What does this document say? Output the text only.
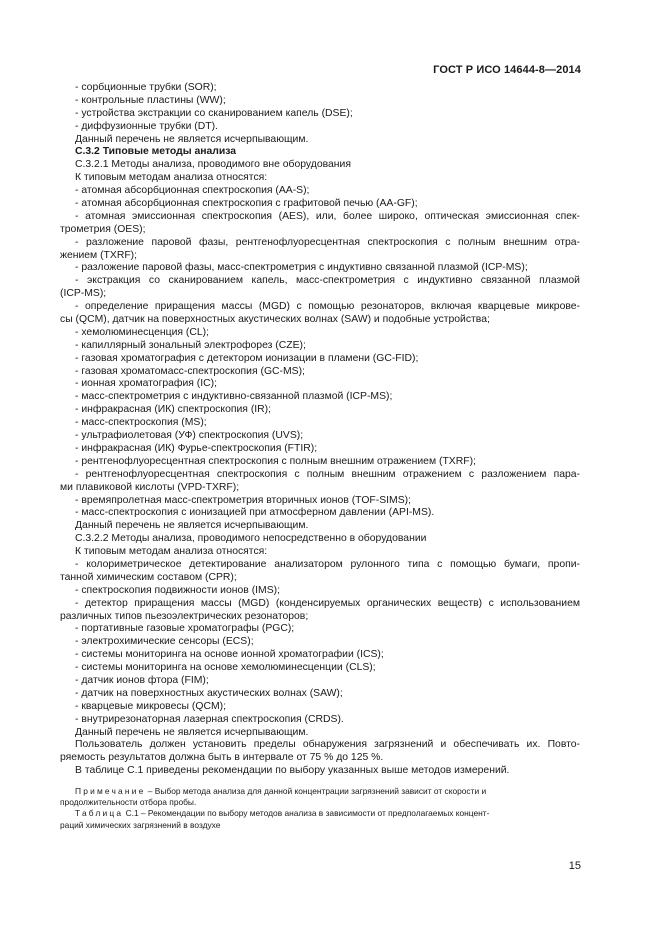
ГОСТ Р ИСО 14644-8—2014
- сорбционные трубки (SOR);
- контрольные пластины (WW);
- устройства экстракции со сканированием капель (DSE);
- диффузионные трубки (DT).
Данный перечень не является исчерпывающим.
C.3.2 Типовые методы анализа
C.3.2.1 Методы анализа, проводимого вне оборудования
К типовым методам анализа относятся:
- атомная абсорбционная спектроскопия (AA-S);
- атомная абсорбционная спектроскопия с графитовой печью (AA-GF);
- атомная эмиссионная спектроскопия (AES), или, более широко, оптическая эмиссионная спек-
трометрия (OES);
- разложение паровой фазы, рентгенофлуоресцентная спектроскопия с полным внешним отра-
жением (TXRF);
- разложение паровой фазы, масс-спектрометрия с индуктивно связанной плазмой (ICP-MS);
- экстракция со сканированием капель, масс-спектрометрия с индуктивно связанной плазмой
(ICP-MS);
- определение приращения массы (MGD) с помощью резонаторов, включая кварцевые микрове-
сы (QCM), датчик на поверхностных акустических волнах (SAW) и подобные устройства;
- хемолюминесценция (CL);
- капиллярный зональный электрофорез (CZE);
- газовая хроматография с детектором ионизации в пламени (GC-FID);
- газовая хроматомасс-спектроскопия (GC-MS);
- ионная хроматография (IC);
- масс-спектрометрия с индуктивно-связанной плазмой (ICP-MS);
- инфракрасная (ИК) спектроскопия (IR);
- масс-спектроскопия (MS);
- ультрафиолетовая (УФ) спектроскопия (UVS);
- инфракрасная (ИК) Фурье-спектроскопия (FTIR);
- рентгенофлуоресцентная спектроскопия с полным внешним отражением (TXRF);
- рентгенофлуоресцентная спектроскопия с полным внешним отражением с разложением пара-
ми плавиковой кислоты (VPD-TXRF);
- времяпролетная масс-спектрометрия вторичных ионов (TOF-SIMS);
- масс-спектроскопия с ионизацией при атмосферном давлении (API-MS).
Данный перечень не является исчерпывающим.
C.3.2.2 Методы анализа, проводимого непосредственно в оборудовании
К типовым методам анализа относятся:
- колориметрическое детектирование анализатором рулонного типа с помощью бумаги, пропи-
танной химическим составом (CPR);
- спектроскопия подвижности ионов (IMS);
- детектор приращения массы (MGD) (конденсируемых органических веществ) с использованием
различных типов пьезоэлектрических резонаторов;
- портативные газовые хроматографы (PGC);
- электрохимические сенсоры (ECS);
- системы мониторинга на основе ионной хроматографии (ICS);
- системы мониторинга на основе хемолюминесценции (CLS);
- датчик ионов фтора (FIM);
- датчик на поверхностных акустических волнах (SAW);
- кварцевые микровесы (QCM);
- внутрирезонаторная лазерная спектроскопия (CRDS).
Данный перечень не является исчерпывающим.
Пользователь должен установить пределы обнаружения загрязнений и обеспечивать их. Повто-
ряемость результатов должна быть в интервале от 75 % до 125 %.
В таблице C.1 приведены рекомендации по выбору указанных выше методов измерений.
Примечание – Выбор метода анализа для данной концентрации загрязнений зависит от скорости и
продолжительности отбора пробы.
Таблица C.1 – Рекомендации по выбору методов анализа в зависимости от предполагаемых концент-
раций химических загрязнений в воздухе
15
